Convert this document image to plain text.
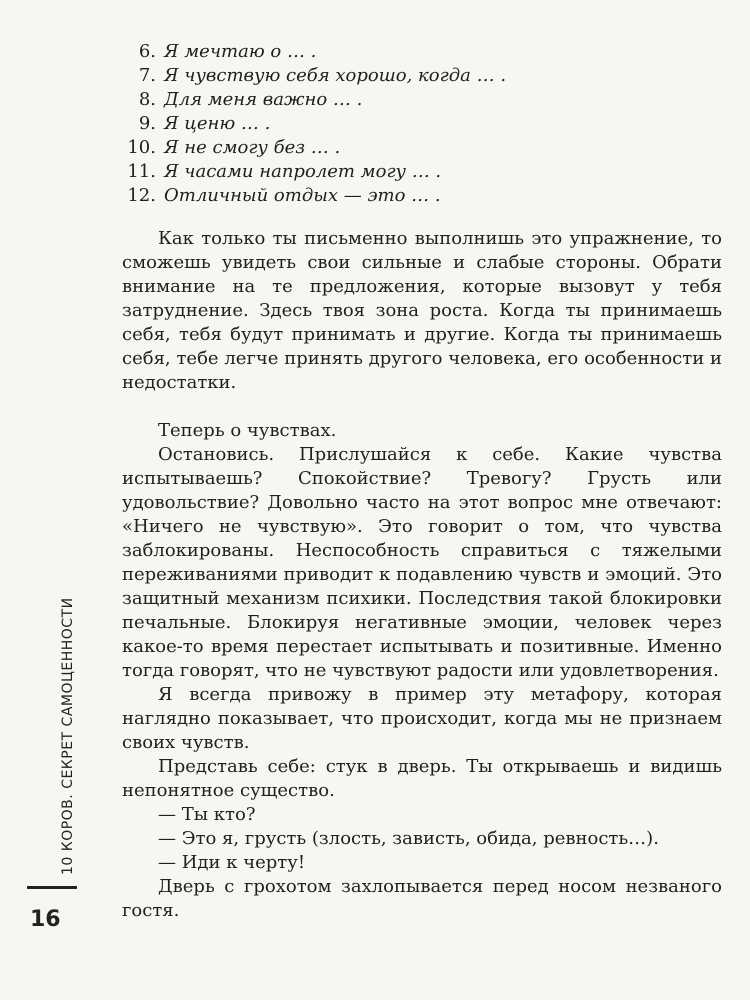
6. Я мечтаю о … .
7. Я чувствую себя хорошо, когда … .
8. Для меня важно … .
9. Я ценю … .
10. Я не смогу без … .
11. Я часами напролет могу … .
12. Отличный отдых — это … .

Как только ты письменно выполнишь это упражнение, то сможешь увидеть свои сильные и слабые стороны. Обрати внимание на те предложения, которые вызовут у тебя затруднение. Здесь твоя зона роста. Когда ты принимаешь себя, тебя будут принимать и другие. Когда ты принимаешь себя, тебе легче принять другого человека, его особенности и недостатки.

Теперь о чувствах.

Остановись. Прислушайся к себе. Какие чувства испытываешь? Спокойствие? Тревогу? Грусть или удовольствие? Довольно часто на этот вопрос мне отвечают: «Ничего не чувствую». Это говорит о том, что чувства заблокированы. Неспособность справиться с тяжелыми переживаниями приводит к подавлению чувств и эмоций. Это защитный механизм психики. Последствия такой блокировки печальные. Блокируя негативные эмоции, человек через какое-то время перестает испытывать и позитивные. Именно тогда говорят, что не чувствуют радости или удовлетворения.

Я всегда привожу в пример эту метафору, которая наглядно показывает, что происходит, когда мы не признаем своих чувств.

Представь себе: стук в дверь. Ты открываешь и видишь непонятное существо.

— Ты кто?

— Это я, грусть (злость, зависть, обида, ревность…).

— Иди к черту!

Дверь с грохотом захлопывается перед носом незваного гостя.

10 КОРОВ. СЕКРЕТ САМОЦЕННОСТИ
16
